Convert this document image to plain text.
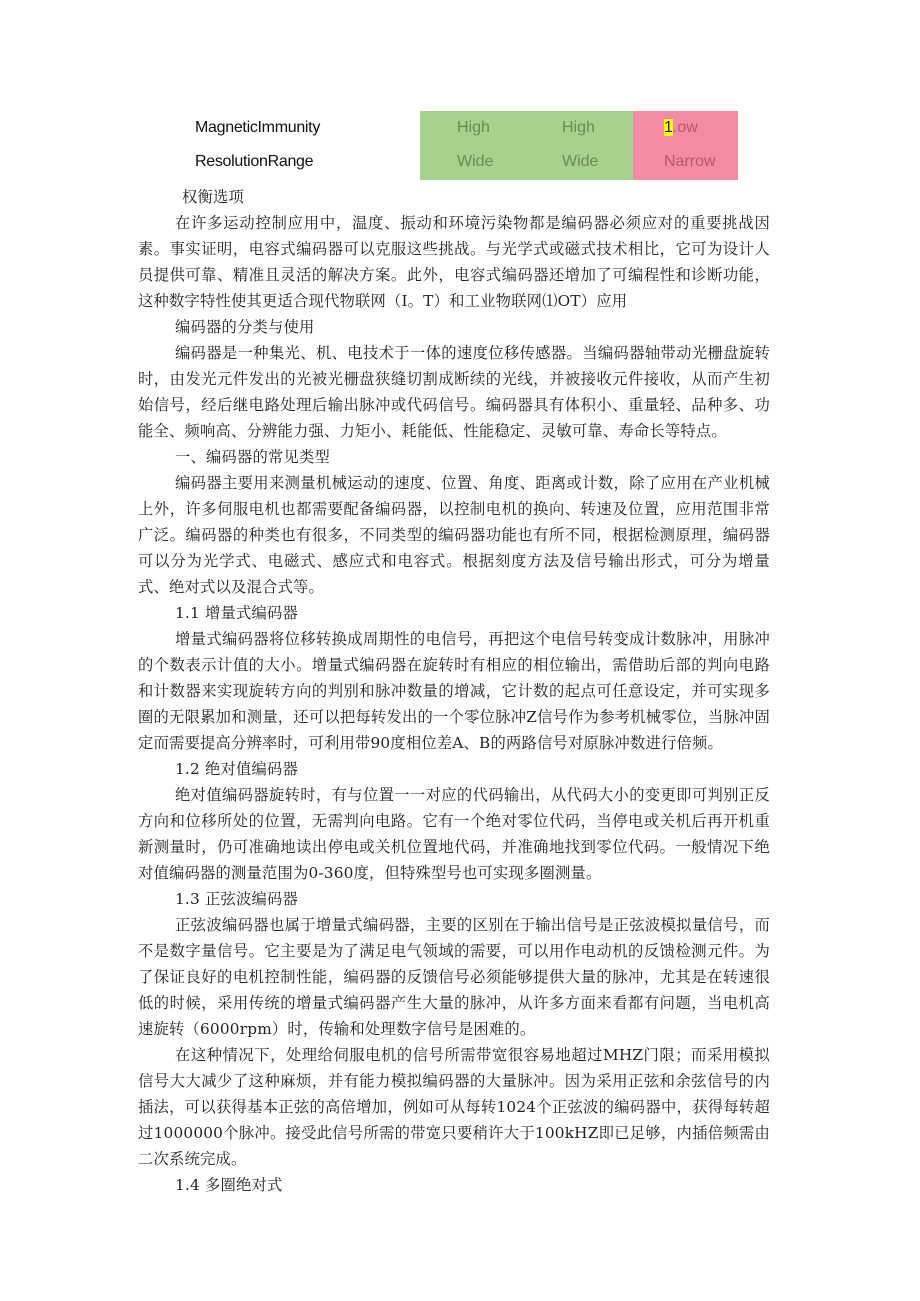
MagneticImmunity	High	High	1.ow
ResolutionRange	Wide	Wide	Narrow

权衡选项

在许多运动控制应用中，温度、振动和环境污染物都是编码器必须应对的重要挑战因素。事实证明，电容式编码器可以克服这些挑战。与光学式或磁式技术相比，它可为设计人员提供可靠、精准且灵活的解决方案。此外，电容式编码器还增加了可编程性和诊断功能，这种数字特性使其更适合现代物联网（I。T）和工业物联网⑴OT）应用

编码器的分类与使用

编码器是一种集光、机、电技术于一体的速度位移传感器。当编码器轴带动光栅盘旋转时，由发光元件发出的光被光栅盘狭缝切割成断续的光线，并被接收元件接收，从而产生初始信号，经后继电路处理后输出脉冲或代码信号。编码器具有体积小、重量轻、品种多、功能全、频响高、分辨能力强、力矩小、耗能低、性能稳定、灵敏可靠、寿命长等特点。

一、编码器的常见类型

编码器主要用来测量机械运动的速度、位置、角度、距离或计数，除了应用在产业机械上外，许多伺服电机也都需要配备编码器，以控制电机的换向、转速及位置，应用范围非常广泛。编码器的种类也有很多，不同类型的编码器功能也有所不同，根据检测原理，编码器可以分为光学式、电磁式、感应式和电容式。根据刻度方法及信号输出形式，可分为增量式、绝对式以及混合式等。

1.1 增量式编码器

增量式编码器将位移转换成周期性的电信号，再把这个电信号转变成计数脉冲，用脉冲的个数表示计值的大小。增量式编码器在旋转时有相应的相位输出，需借助后部的判向电路和计数器来实现旋转方向的判别和脉冲数量的增减，它计数的起点可任意设定，并可实现多圈的无限累加和测量，还可以把每转发出的一个零位脉冲Z信号作为参考机械零位，当脉冲固定而需要提高分辨率时，可利用带90度相位差A、B的两路信号对原脉冲数进行倍频。

1.2 绝对值编码器

绝对值编码器旋转时，有与位置一一对应的代码输出，从代码大小的变更即可判别正反方向和位移所处的位置，无需判向电路。它有一个绝对零位代码，当停电或关机后再开机重新测量时，仍可准确地读出停电或关机位置地代码，并准确地找到零位代码。一般情况下绝对值编码器的测量范围为0-360度，但特殊型号也可实现多圈测量。

1.3 正弦波编码器

正弦波编码器也属于增量式编码器，主要的区别在于输出信号是正弦波模拟量信号，而不是数字量信号。它主要是为了满足电气领域的需要，可以用作电动机的反馈检测元件。为了保证良好的电机控制性能，编码器的反馈信号必须能够提供大量的脉冲，尤其是在转速很低的时候，采用传统的增量式编码器产生大量的脉冲，从许多方面来看都有问题，当电机高速旋转（6000rpm）时，传输和处理数字信号是困难的。

在这种情况下，处理给伺服电机的信号所需带宽很容易地超过MHZ门限；而采用模拟信号大大减少了这种麻烦，并有能力模拟编码器的大量脉冲。因为采用正弦和余弦信号的内插法，可以获得基本正弦的高倍增加，例如可从每转1024个正弦波的编码器中，获得每转超过1000000个脉冲。接受此信号所需的带宽只要稍许大于100kHZ即已足够，内插倍频需由二次系统完成。

1.4 多圈绝对式
